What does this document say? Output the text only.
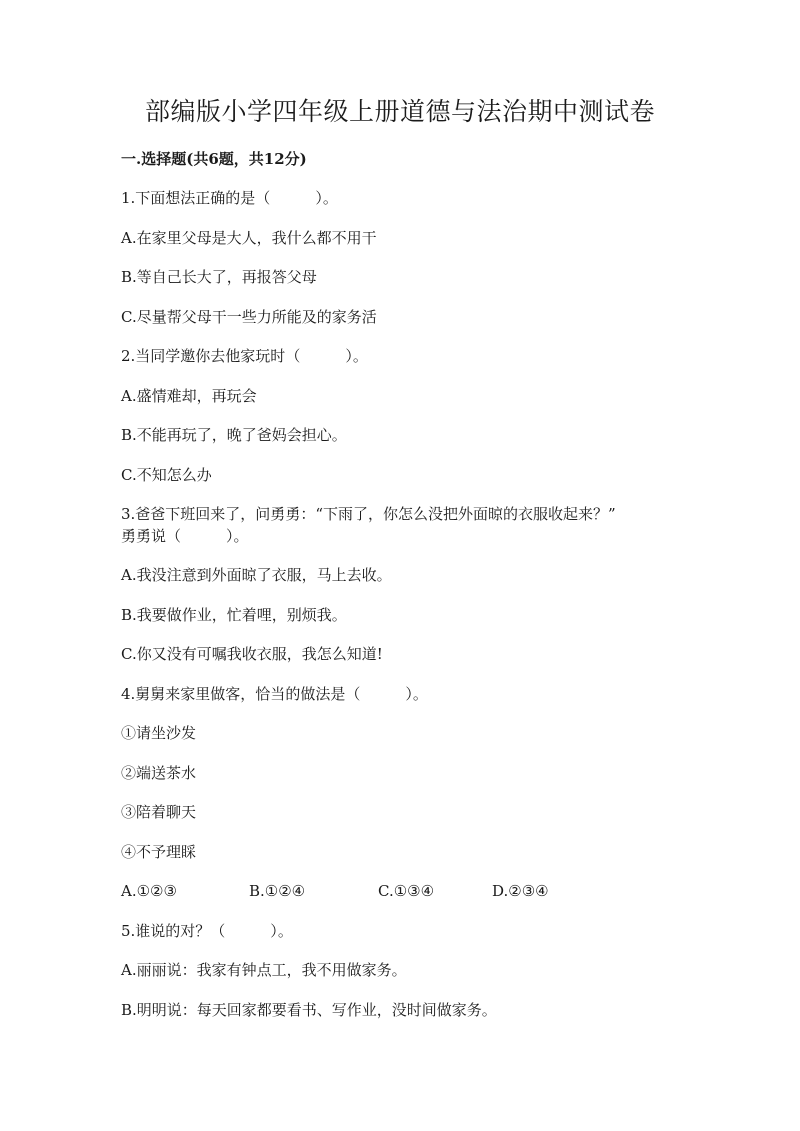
部编版小学四年级上册道德与法治期中测试卷
一.选择题(共6题，共12分)
1.下面想法正确的是（　　　）。
A.在家里父母是大人，我什么都不用干
B.等自己长大了，再报答父母
C.尽量帮父母干一些力所能及的家务活
2.当同学邀你去他家玩时（　　　）。
A.盛情难却，再玩会
B.不能再玩了，晚了爸妈会担心。
C.不知怎么办
3.爸爸下班回来了，问勇勇：“下雨了，你怎么没把外面晾的衣服收起来？”
勇勇说（　　　）。
A.我没注意到外面晾了衣服，马上去收。
B.我要做作业，忙着哩，别烦我。
C.你又没有可嘱我收衣服，我怎么知道!
4.舅舅来家里做客，恰当的做法是（　　　）。
①请坐沙发
②端送茶水
③陪着聊天
④不予理睬
A.①②③	B.①②④	C.①③④	D.②③④
5.谁说的对？（　　　）。
A.丽丽说：我家有钟点工，我不用做家务。
B.明明说：每天回家都要看书、写作业，没时间做家务。
